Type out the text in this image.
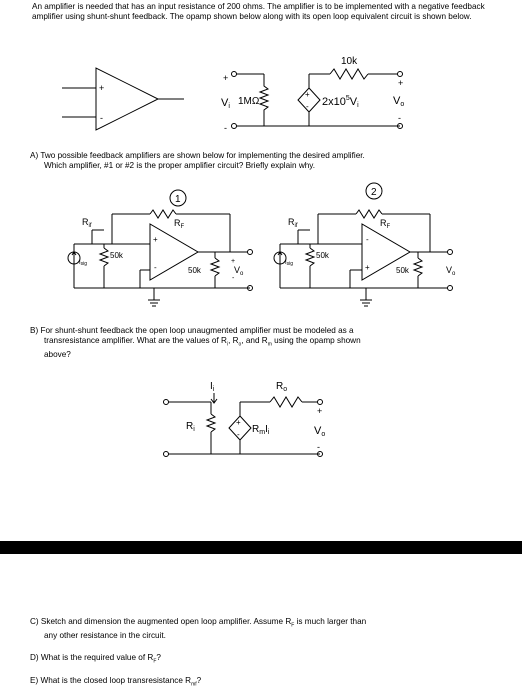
An amplifier is needed that has an input resistance of 200 ohms. The amplifier is to be implemented with a negative feedback amplifier using shunt-shunt feedback. The opamp shown below along with its open loop equivalent circuit is shown below.

+
-
+
-
Vi 1MΩ
10k
+
- $2x10^5Vi$
+
Vo
-
1
$R_{if}$
Isig
50k
$R_F$
+
-	50k
+
-
$V_o$
2
$R_{if}$
Isig
50k
$R_F$
-
+	50k	$V_o$
$I_i$
$R_i$
$R_o$
+
- $R_mI_i$
+
Vo
-

A) Two possible feedback amplifiers are shown below for implementing the desired amplifier.
Which amplifier, #1 or #2 is the proper amplifier circuit? Briefly explain why.

B) For shunt-shunt feedback the open loop unaugmented amplifier must be modeled as a
transresistance amplifier. What are the values of $R_i$, $R_o$, and $R_m$ using the opamp shown
above?

C) Sketch and dimension the augmented open loop amplifier. Assume $R_F$ is much larger than
any other resistance in the circuit.

D) What is the required value of $R_F$?

E) What is the closed loop transresistance $R_{mf}$?
